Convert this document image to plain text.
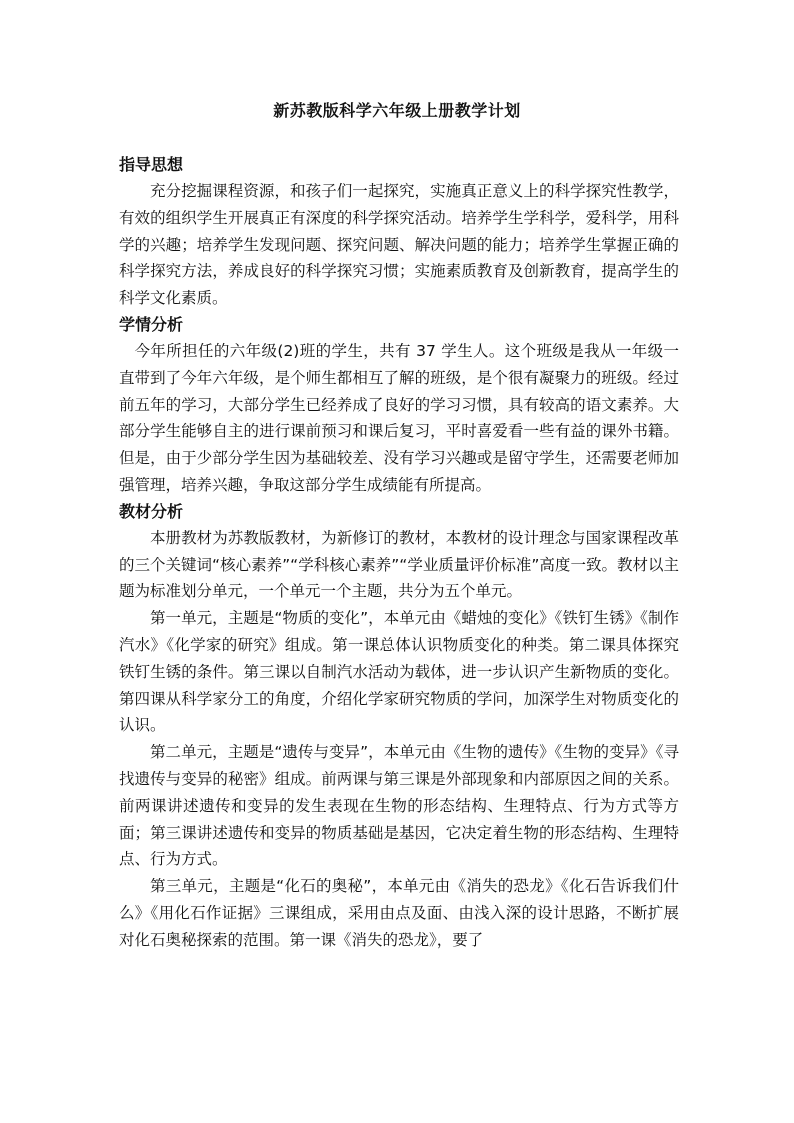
新苏教版科学六年级上册教学计划
指导思想

充分挖掘课程资源，和孩子们一起探究，实施真正意义上的科学探究性教学，有效的组织学生开展真正有深度的科学探究活动。培养学生学科学，爱科学，用科学的兴趣；培养学生发现问题、探究问题、解决问题的能力；培养学生掌握正确的科学探究方法，养成良好的科学探究习惯；实施素质教育及创新教育，提高学生的科学文化素质。

学情分析

今年所担任的六年级(2)班的学生，共有 37 学生人。这个班级是我从一年级一直带到了今年六年级，是个师生都相互了解的班级，是个很有凝聚力的班级。经过前五年的学习，大部分学生已经养成了良好的学习习惯，具有较高的语文素养。大部分学生能够自主的进行课前预习和课后复习，平时喜爱看一些有益的课外书籍。但是，由于少部分学生因为基础较差、没有学习兴趣或是留守学生，还需要老师加强管理，培养兴趣，争取这部分学生成绩能有所提高。

教材分析

本册教材为苏教版教材，为新修订的教材，本教材的设计理念与国家课程改革的三个关键词“核心素养”“学科核心素养”“学业质量评价标准”高度一致。教材以主题为标准划分单元，一个单元一个主题，共分为五个单元。

第一单元，主题是“物质的变化”，本单元由《蜡烛的变化》《铁钉生锈》《制作汽水》《化学家的研究》组成。第一课总体认识物质变化的种类。第二课具体探究铁钉生锈的条件。第三课以自制汽水活动为载体，进一步认识产生新物质的变化。第四课从科学家分工的角度，介绍化学家研究物质的学问，加深学生对物质变化的认识。

第二单元，主题是“遗传与变异”，本单元由《生物的遗传》《生物的变异》《寻找遗传与变异的秘密》组成。前两课与第三课是外部现象和内部原因之间的关系。前两课讲述遗传和变异的发生表现在生物的形态结构、生理特点、行为方式等方面；第三课讲述遗传和变异的物质基础是基因，它决定着生物的形态结构、生理特点、行为方式。

第三单元，主题是“化石的奥秘”，本单元由《消失的恐龙》《化石告诉我们什么》《用化石作证据》三课组成，采用由点及面、由浅入深的设计思路，不断扩展对化石奥秘探索的范围。第一课《消失的恐龙》，要了
